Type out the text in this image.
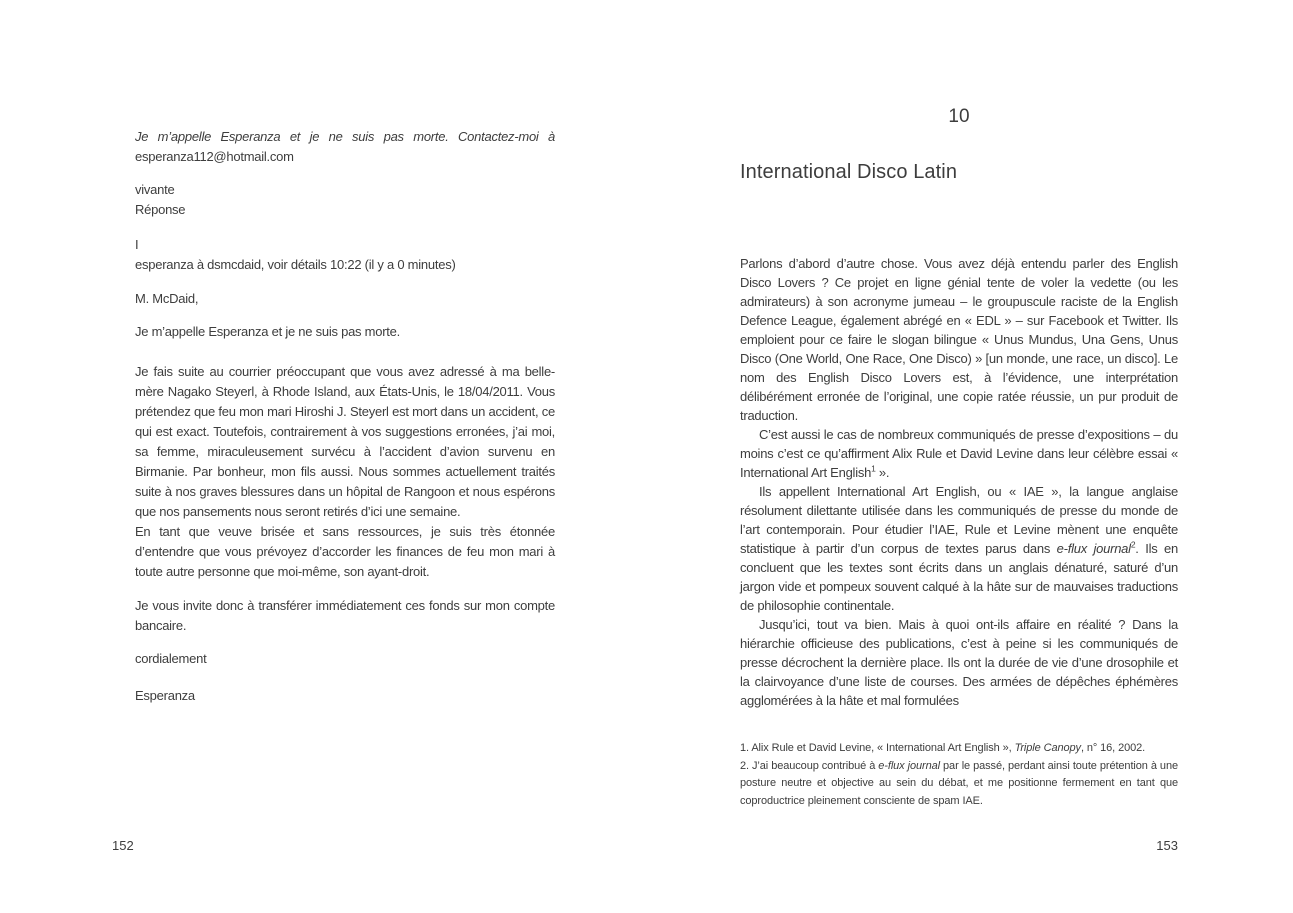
Je m’appelle Esperanza et je ne suis pas morte. Contactez-moi à esperanza112@hotmail.com

vivante
Réponse

I
esperanza à dsmcdaid, voir détails 10:22 (il y a 0 minutes)

M. McDaid,

Je m’appelle Esperanza et je ne suis pas morte.

Je fais suite au courrier préoccupant que vous avez adressé à ma belle-mère Nagako Steyerl, à Rhode Island, aux États-Unis, le 18/04/2011. Vous prétendez que feu mon mari Hiroshi J. Steyerl est mort dans un accident, ce qui est exact. Toutefois, contrairement à vos suggestions erronées, j’ai moi, sa femme, miraculeusement survécu à l’accident d’avion survenu en Birmanie. Par bonheur, mon fils aussi. Nous sommes actuellement traités suite à nos graves blessures dans un hôpital de Rangoon et nous espérons que nos pansements nous seront retirés d’ici une semaine.

En tant que veuve brisée et sans ressources, je suis très étonnée d’entendre que vous prévoyez d’accorder les finances de feu mon mari à toute autre personne que moi-même, son ayant-droit.

Je vous invite donc à transférer immédiatement ces fonds sur mon compte bancaire.

cordialement

Esperanza

152

10

International Disco Latin

Parlons d’abord d’autre chose. Vous avez déjà entendu parler des English Disco Lovers ? Ce projet en ligne génial tente de voler la vedette (ou les admirateurs) à son acronyme jumeau – le groupuscule raciste de la English Defence League, également abrégé en « EDL » – sur Facebook et Twitter. Ils emploient pour ce faire le slogan bilingue « Unus Mundus, Una Gens, Unus Disco (One World, One Race, One Disco) » [un monde, une race, un disco]. Le nom des English Disco Lovers est, à l’évidence, une interprétation délibérément erronée de l’original, une copie ratée réussie, un pur produit de traduction.

C’est aussi le cas de nombreux communiqués de presse d’expositions – du moins c’est ce qu’affirment Alix Rule et David Levine dans leur célèbre essai « International Art English$^1$ ».

Ils appellent International Art English, ou « IAE », la langue anglaise résolument dilettante utilisée dans les communiqués de presse du monde de l’art contemporain. Pour étudier l’IAE, Rule et Levine mènent une enquête statistique à partir d’un corpus de textes parus dans e-flux journal$^2$. Ils en concluent que les textes sont écrits dans un anglais dénaturé, saturé d’un jargon vide et pompeux souvent calqué à la hâte sur de mauvaises traductions de philosophie continentale.

Jusqu’ici, tout va bien. Mais à quoi ont-ils affaire en réalité ? Dans la hiérarchie officieuse des publications, c’est à peine si les communiqués de presse décrochent la dernière place. Ils ont la durée de vie d’une drosophile et la clairvoyance d’une liste de courses. Des armées de dépêches éphémères agglomérées à la hâte et mal formulées

1. Alix Rule et David Levine, « International Art English », Triple Canopy, n° 16, 2002.

2. J’ai beaucoup contribué à e-flux journal par le passé, perdant ainsi toute prétention à une posture neutre et objective au sein du débat, et me positionne fermement en tant que coproductrice pleinement consciente de spam IAE.

153
